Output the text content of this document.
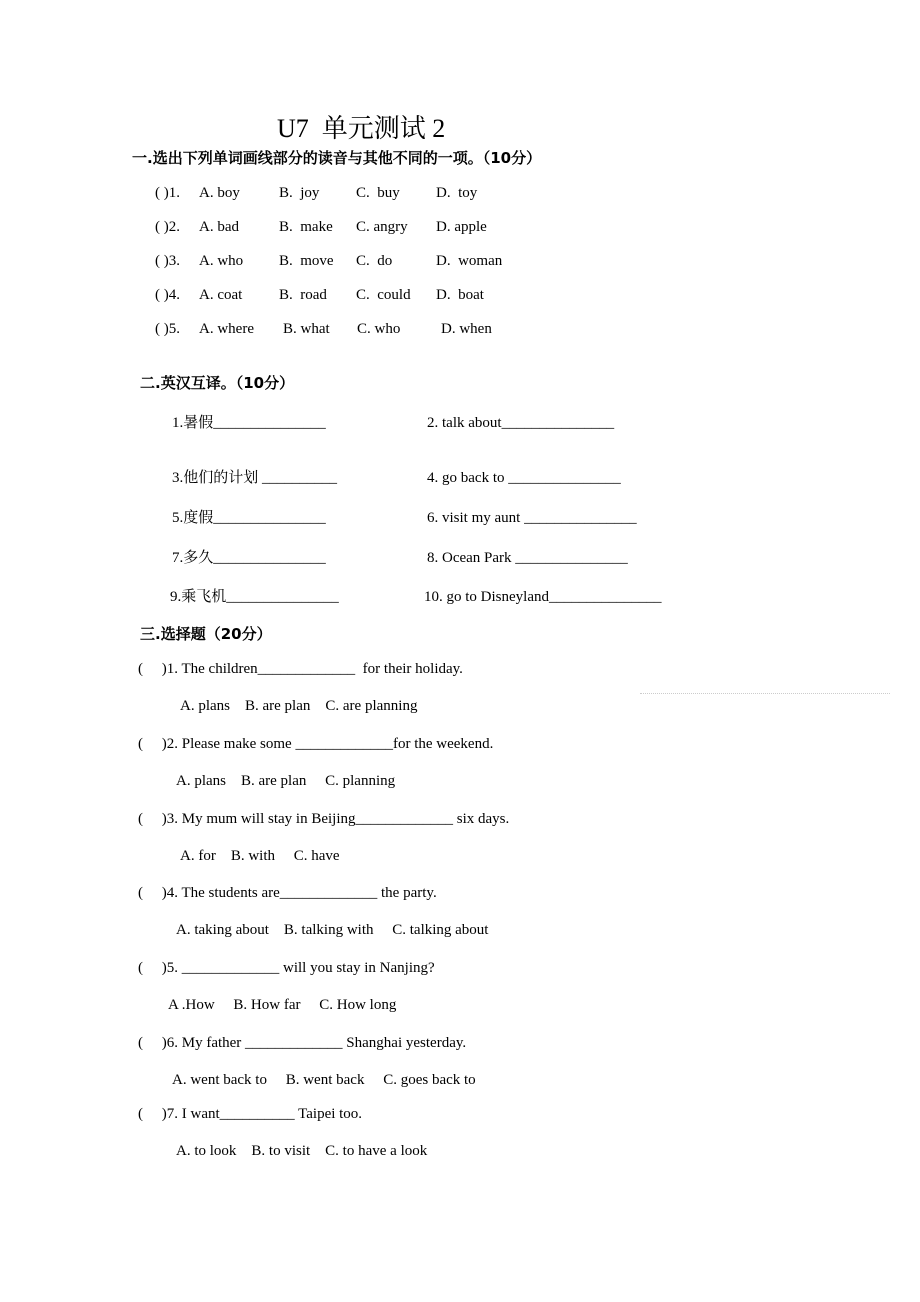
U7  单元测试 2
一.选出下列单词画线部分的读音与其他不同的一项。（10分）
二.英汉互译。（10分）
三.选择题（20分）
( )1. A. boy	B.  joy C.  buy D.  toy
( )2. A. bad	B.  make C. angry D. apple
( )3. A. who B.  move C.  do	D.  woman
( )4. A. coat B.  road C.  could D.  boat
( )5. A. where B. what C. who	D. when
1.暑假_______________	2. talk about_______________
3.他们的计划 __________	4. go back to _______________
5.度假_______________	6. visit my aunt _______________
7.多久_______________	8. Ocean Park _______________
9.乘飞机_______________	10. go to Disneyland_______________
(     )1. The children_____________  for their holiday.
A. plans    B. are plan    C. are planning
(     )2. Please make some _____________for the weekend.
A. plans    B. are plan     C. planning
(     )3. My mum will stay in Beijing_____________ six days.
A. for    B. with     C. have
(     )4. The students are_____________ the party.
A. taking about    B. talking with     C. talking about
(     )5. _____________ will you stay in Nanjing?
A .How     B. How far     C. How long
(     )6. My father _____________ Shanghai yesterday.
A. went back to     B. went back     C. goes back to
(     )7. I want__________ Taipei too.
A. to look    B. to visit    C. to have a look
